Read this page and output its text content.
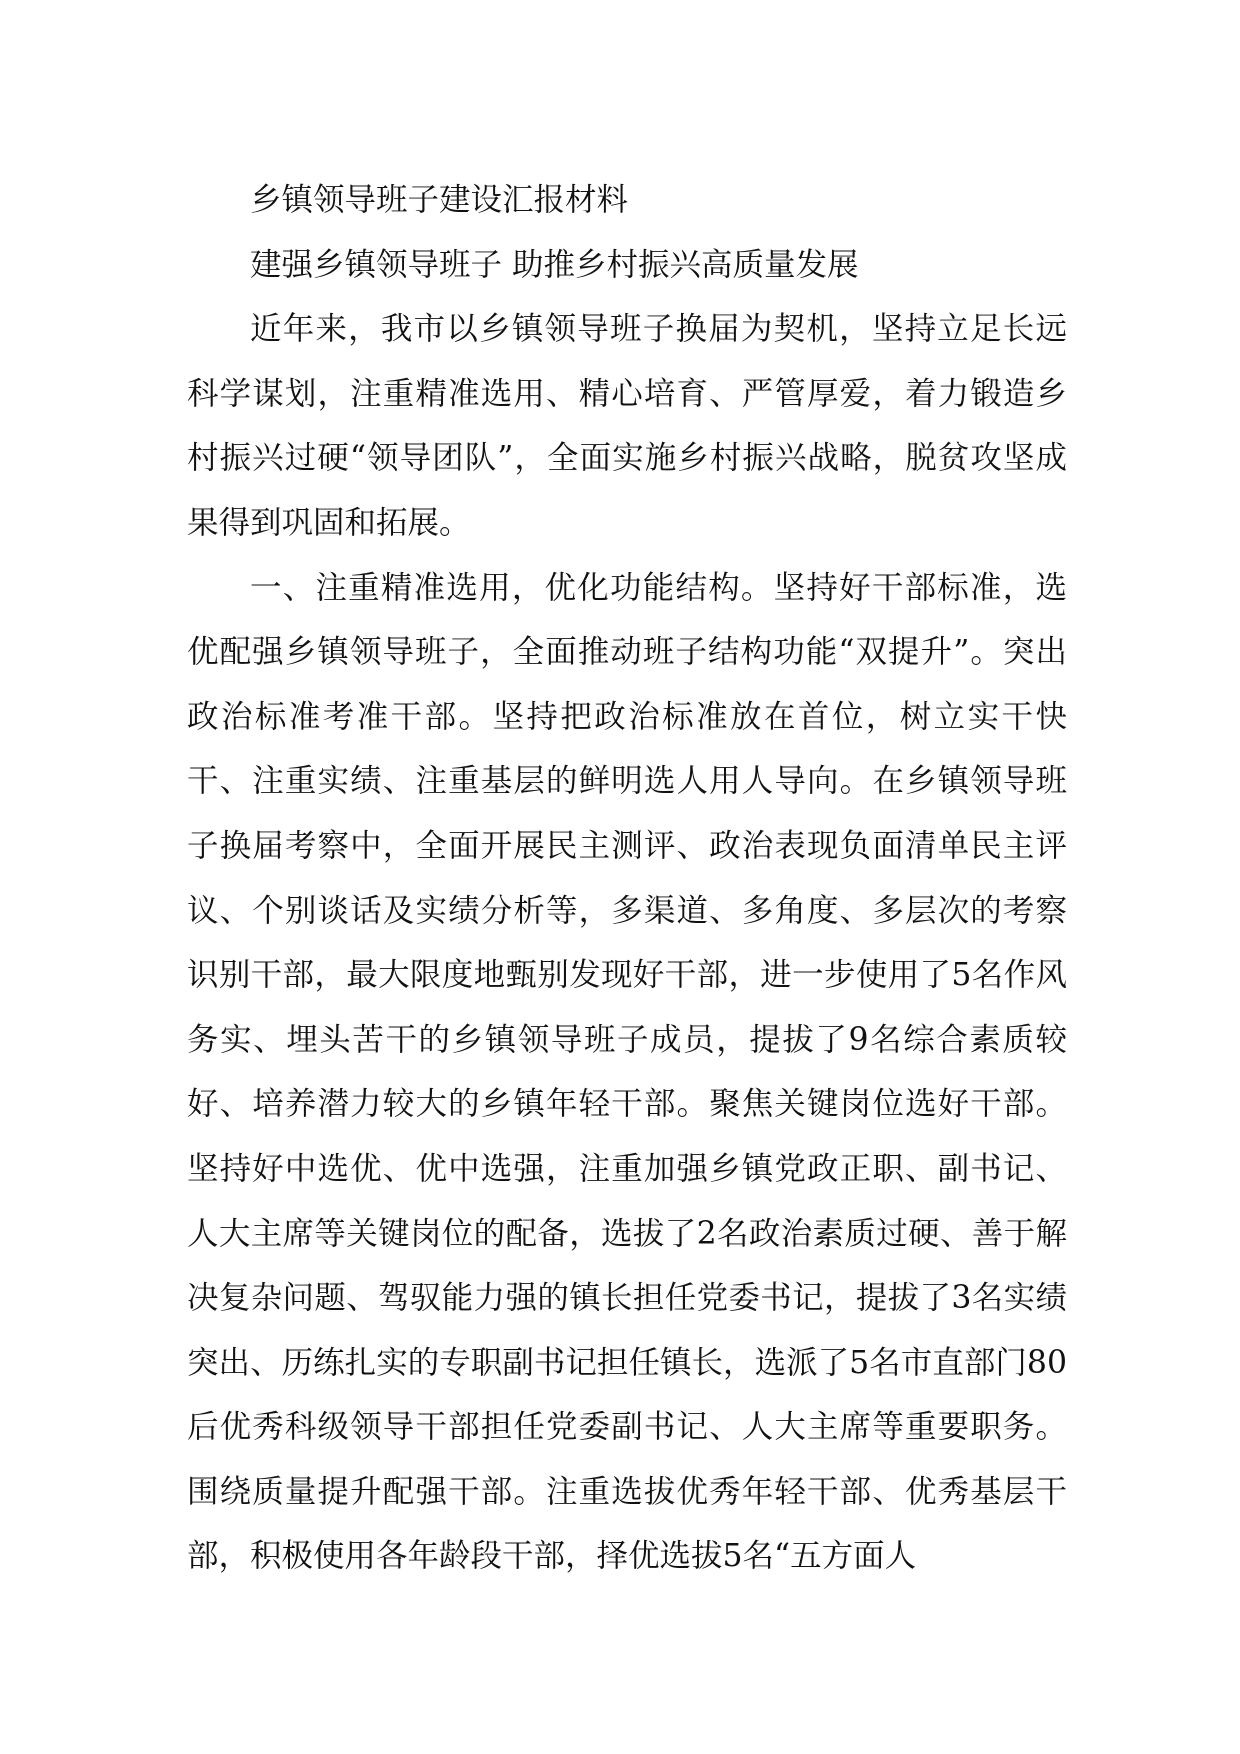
乡镇领导班子建设汇报材料

建强乡镇领导班子 助推乡村振兴高质量发展

近年来，我市以乡镇领导班子换届为契机，坚持立足长远科学谋划，注重精准选用、精心培育、严管厚爱，着力锻造乡村振兴过硬“领导团队”，全面实施乡村振兴战略，脱贫攻坚成果得到巩固和拓展。

一、注重精准选用，优化功能结构。坚持好干部标准，选优配强乡镇领导班子，全面推动班子结构功能“双提升”。突出政治标准考准干部。坚持把政治标准放在首位，树立实干快干、注重实绩、注重基层的鲜明选人用人导向。在乡镇领导班子换届考察中，全面开展民主测评、政治表现负面清单民主评议、个别谈话及实绩分析等，多渠道、多角度、多层次的考察识别干部，最大限度地甄别发现好干部，进一步使用了5名作风务实、埋头苦干的乡镇领导班子成员，提拔了9名综合素质较好、培养潜力较大的乡镇年轻干部。聚焦关键岗位选好干部。坚持好中选优、优中选强，注重加强乡镇党政正职、副书记、人大主席等关键岗位的配备，选拔了2名政治素质过硬、善于解决复杂问题、驾驭能力强的镇长担任党委书记，提拔了3名实绩突出、历练扎实的专职副书记担任镇长，选派了5名市直部门80后优秀科级领导干部担任党委副书记、人大主席等重要职务。围绕质量提升配强干部。注重选拔优秀年轻干部、优秀基层干部，积极使用各年龄段干部，择优选拔5名“五方面人
